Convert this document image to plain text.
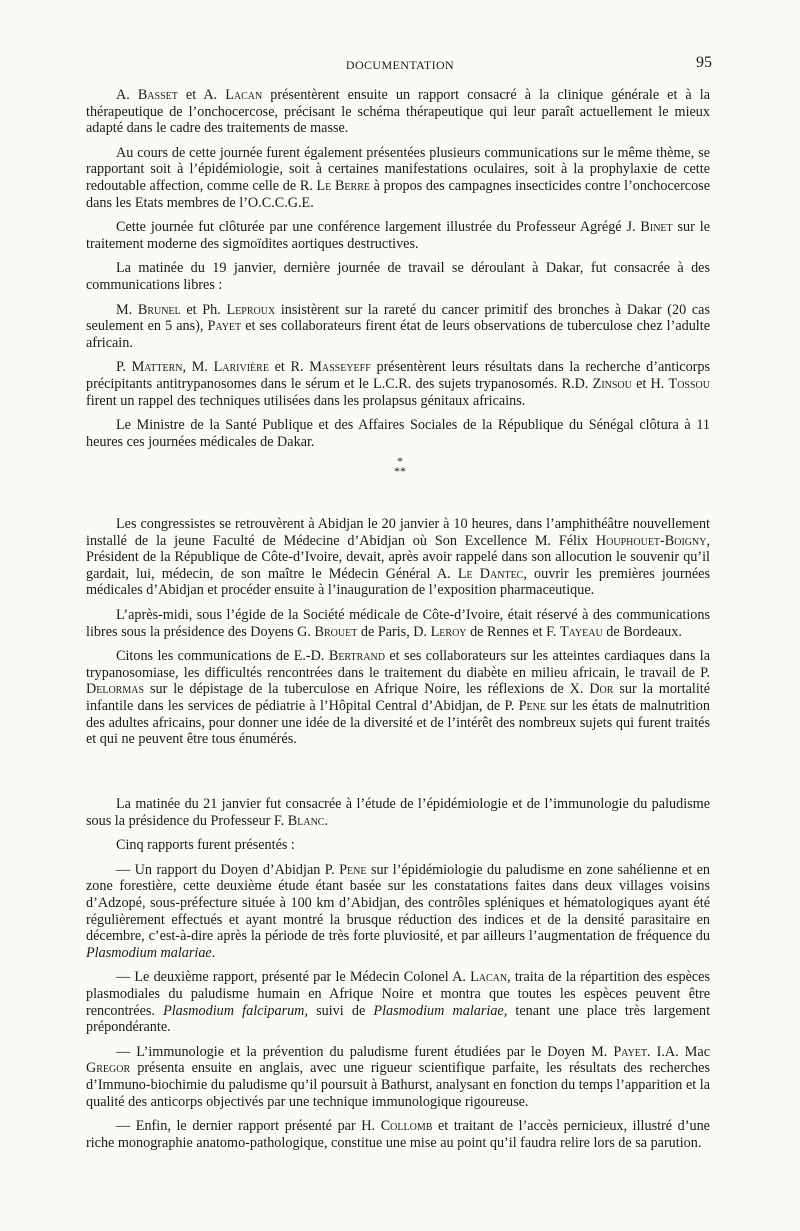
DOCUMENTATION	95

A. Basset et A. Lacan présentèrent ensuite un rapport consacré à la clinique générale et à la thérapeutique de l’onchocercose, précisant le schéma thérapeutique qui leur paraît actuellement le mieux adapté dans le cadre des traitements de masse.

Au cours de cette journée furent également présentées plusieurs communications sur le même thème, se rapportant soit à l’épidémiologie, soit à certaines manifestations oculaires, soit à la prophylaxie de cette redoutable affection, comme celle de R. Le Berre à propos des campagnes insecticides contre l’onchocercose dans les Etats membres de l’O.C.C.G.E.

Cette journée fut clôturée par une conférence largement illustrée du Professeur Agrégé J. Binet sur le traitement moderne des sigmoïdites aortiques destructives.

La matinée du 19 janvier, dernière journée de travail se déroulant à Dakar, fut consacrée à des communications libres :

M. Brunel et Ph. Leproux insistèrent sur la rareté du cancer primitif des bronches à Dakar (20 cas seulement en 5 ans), Payet et ses collaborateurs firent état de leurs observations de tuberculose chez l’adulte africain.

P. Mattern, M. Larivière et R. Masseyeff présentèrent leurs résultats dans la recherche d’anticorps précipitants antitrypanosomes dans le sérum et le L.C.R. des sujets trypanosomés. R.D. Zinsou et H. Tossou firent un rappel des techniques utilisées dans les prolapsus génitaux africains.

Le Ministre de la Santé Publique et des Affaires Sociales de la République du Sénégal clôtura à 11 heures ces journées médicales de Dakar.

*
**

Les congressistes se retrouvèrent à Abidjan le 20 janvier à 10 heures, dans l’amphithéâtre nouvellement installé de la jeune Faculté de Médecine d’Abidjan où Son Excellence M. Félix Houphouet-Boigny, Président de la République de Côte-d’Ivoire, devait, après avoir rappelé dans son allocution le souvenir qu’il gardait, lui, médecin, de son maître le Médecin Général A. Le Dantec, ouvrir les premières journées médicales d’Abidjan et procéder ensuite à l’inauguration de l’exposition pharmaceutique.

L’après-midi, sous l’égide de la Société médicale de Côte-d’Ivoire, était réservé à des communications libres sous la présidence des Doyens G. Brouet de Paris, D. Leroy de Rennes et F. Tayeau de Bordeaux.

Citons les communications de E.-D. Bertrand et ses collaborateurs sur les atteintes cardiaques dans la trypanosomiase, les difficultés rencontrées dans le traitement du diabète en milieu africain, le travail de P. Delormas sur le dépistage de la tuberculose en Afrique Noire, les réflexions de X. Dor sur la mortalité infantile dans les services de pédiatrie à l’Hôpital Central d’Abidjan, de P. Pene sur les états de malnutrition des adultes africains, pour donner une idée de la diversité et de l’intérêt des nombreux sujets qui furent traités et qui ne peuvent être tous énumérés.

La matinée du 21 janvier fut consacrée à l’étude de l’épidémiologie et de l’immunologie du paludisme sous la présidence du Professeur F. Blanc.

Cinq rapports furent présentés :

— Un rapport du Doyen d’Abidjan P. Pene sur l’épidémiologie du paludisme en zone sahélienne et en zone forestière, cette deuxième étude étant basée sur les constatations faites dans deux villages voisins d’Adzopé, sous-préfecture située à 100 km d’Abidjan, des contrôles spléniques et hématologiques ayant été régulièrement effectués et ayant montré la brusque réduction des indices et de la densité parasitaire en décembre, c’est-à-dire après la période de très forte pluviosité, et par ailleurs l’augmentation de fréquence du Plasmodium malariae.

— Le deuxième rapport, présenté par le Médecin Colonel A. Lacan, traita de la répartition des espèces plasmodiales du paludisme humain en Afrique Noire et montra que toutes les espèces peuvent être rencontrées. Plasmodium falciparum, suivi de Plasmodium malariae, tenant une place très largement prépondérante.

— L’immunologie et la prévention du paludisme furent étudiées par le Doyen M. Payet. I.A. Mac Gregor présenta ensuite en anglais, avec une rigueur scientifique parfaite, les résultats des recherches d’Immuno-biochimie du paludisme qu’il poursuit à Bathurst, analysant en fonction du temps l’apparition et la qualité des anticorps objectivés par une technique immunologique rigoureuse.

— Enfin, le dernier rapport présenté par H. Collomb et traitant de l’accès pernicieux, illustré d’une riche monographie anatomo-pathologique, constitue une mise au point qu’il faudra relire lors de sa parution.
